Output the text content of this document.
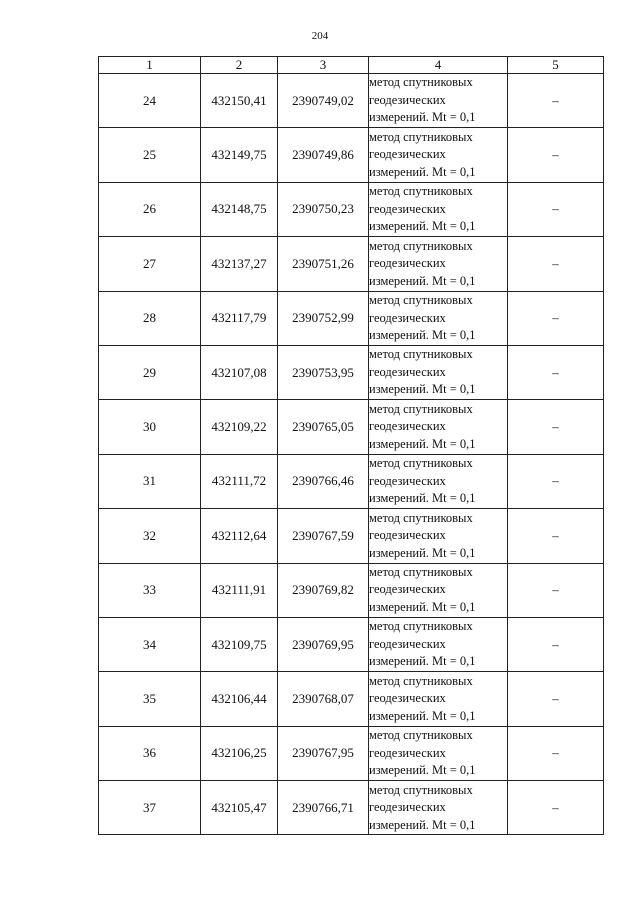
204
1	2	3	4	5
24	432150,41	2390749,02	метод спутниковых
геодезических
измерений. Mt = 0,1	–
25	432149,75	2390749,86	метод спутниковых
геодезических
измерений. Mt = 0,1	–
26	432148,75	2390750,23	метод спутниковых
геодезических
измерений. Mt = 0,1	–
27	432137,27	2390751,26	метод спутниковых
геодезических
измерений. Mt = 0,1	–
28	432117,79	2390752,99	метод спутниковых
геодезических
измерений. Mt = 0,1	–
29	432107,08	2390753,95	метод спутниковых
геодезических
измерений. Mt = 0,1	–
30	432109,22	2390765,05	метод спутниковых
геодезических
измерений. Mt = 0,1	–
31	432111,72	2390766,46	метод спутниковых
геодезических
измерений. Mt = 0,1	–
32	432112,64	2390767,59	метод спутниковых
геодезических
измерений. Mt = 0,1	–
33	432111,91	2390769,82	метод спутниковых
геодезических
измерений. Mt = 0,1	–
34	432109,75	2390769,95	метод спутниковых
геодезических
измерений. Mt = 0,1	–
35	432106,44	2390768,07	метод спутниковых
геодезических
измерений. Mt = 0,1	–
36	432106,25	2390767,95	метод спутниковых
геодезических
измерений. Mt = 0,1	–
37	432105,47	2390766,71	метод спутниковых
геодезических
измерений. Mt = 0,1	–
